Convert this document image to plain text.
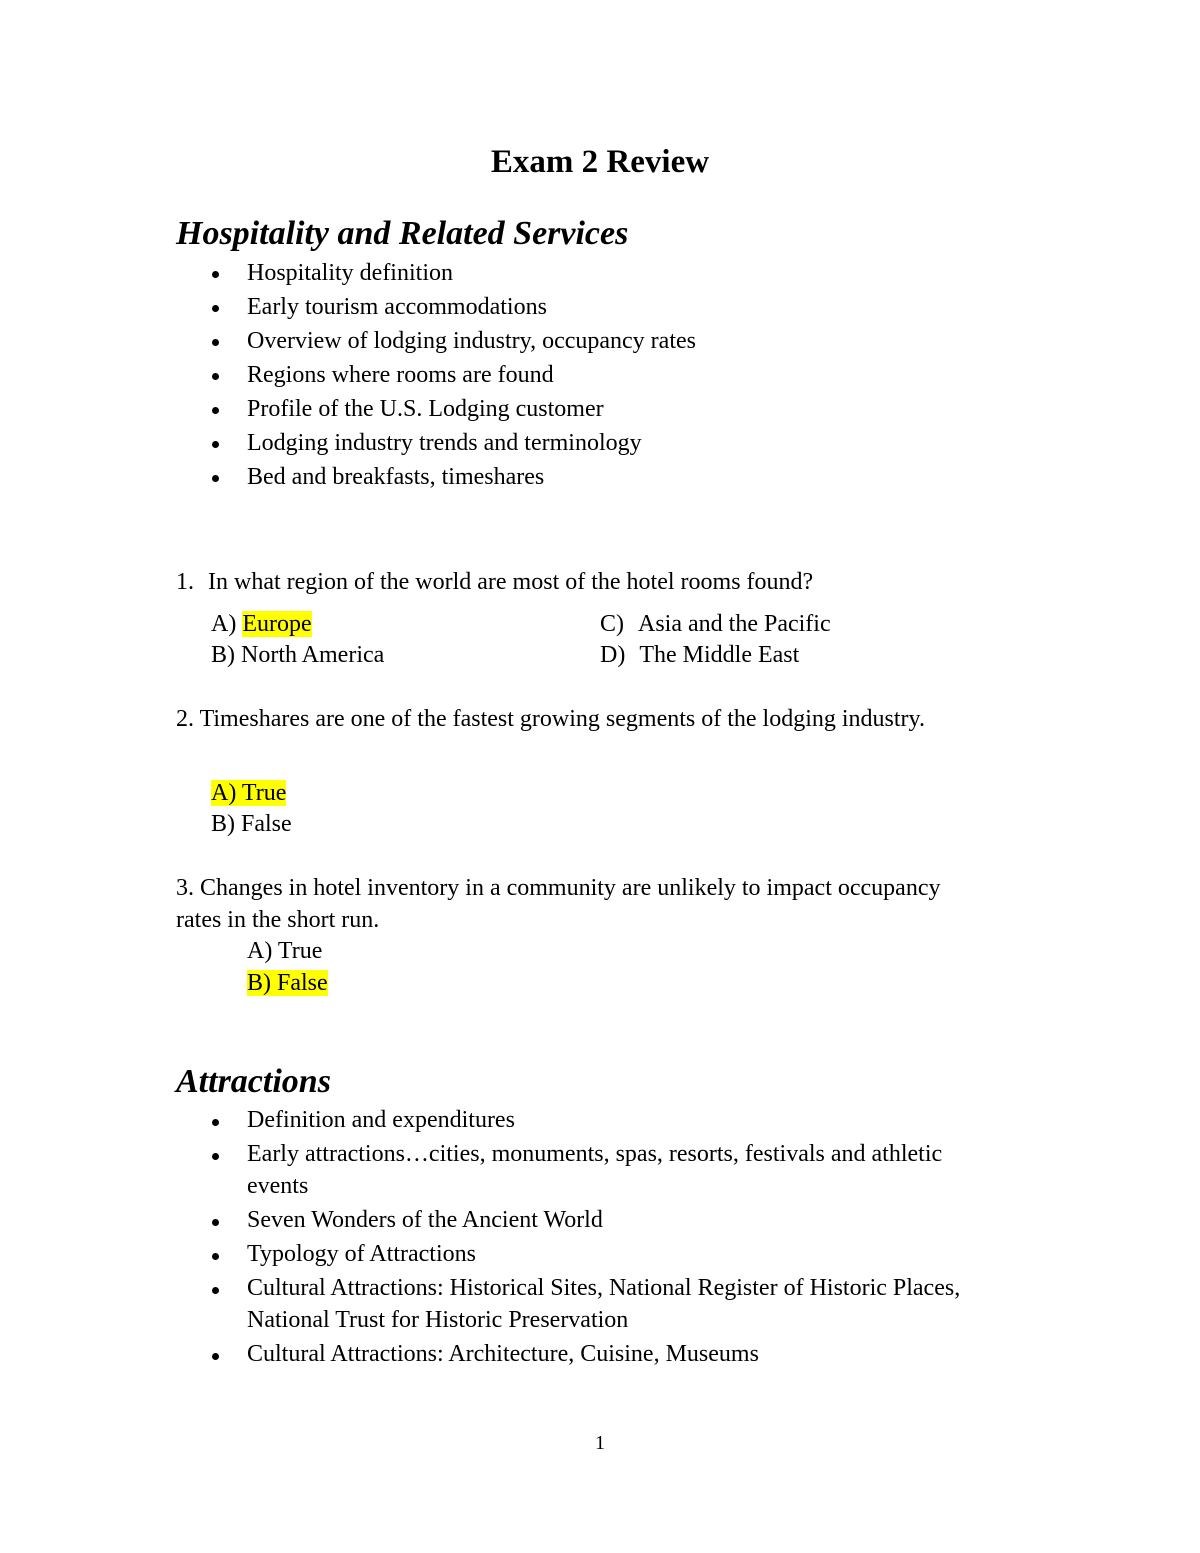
Exam 2 Review
Hospitality and Related Services
Hospitality definition
Early tourism accommodations
Overview of lodging industry, occupancy rates
Regions where rooms are found
Profile of the U.S. Lodging customer
Lodging industry trends and terminology
Bed and breakfasts, timeshares
1. In what region of the world are most of the hotel rooms found?
A) Europe
B) North America
C) Asia and the Pacific
D) The Middle East
2. Timeshares are one of the fastest growing segments of the lodging industry.
A) True
B) False
3. Changes in hotel inventory in a community are unlikely to impact occupancy rates in the short run.
A) True
B) False
Attractions
Definition and expenditures
Early attractions…cities, monuments, spas, resorts, festivals and athletic events
Seven Wonders of the Ancient World
Typology of Attractions
Cultural Attractions: Historical Sites, National Register of Historic Places, National Trust for Historic Preservation
Cultural Attractions: Architecture, Cuisine, Museums
1
